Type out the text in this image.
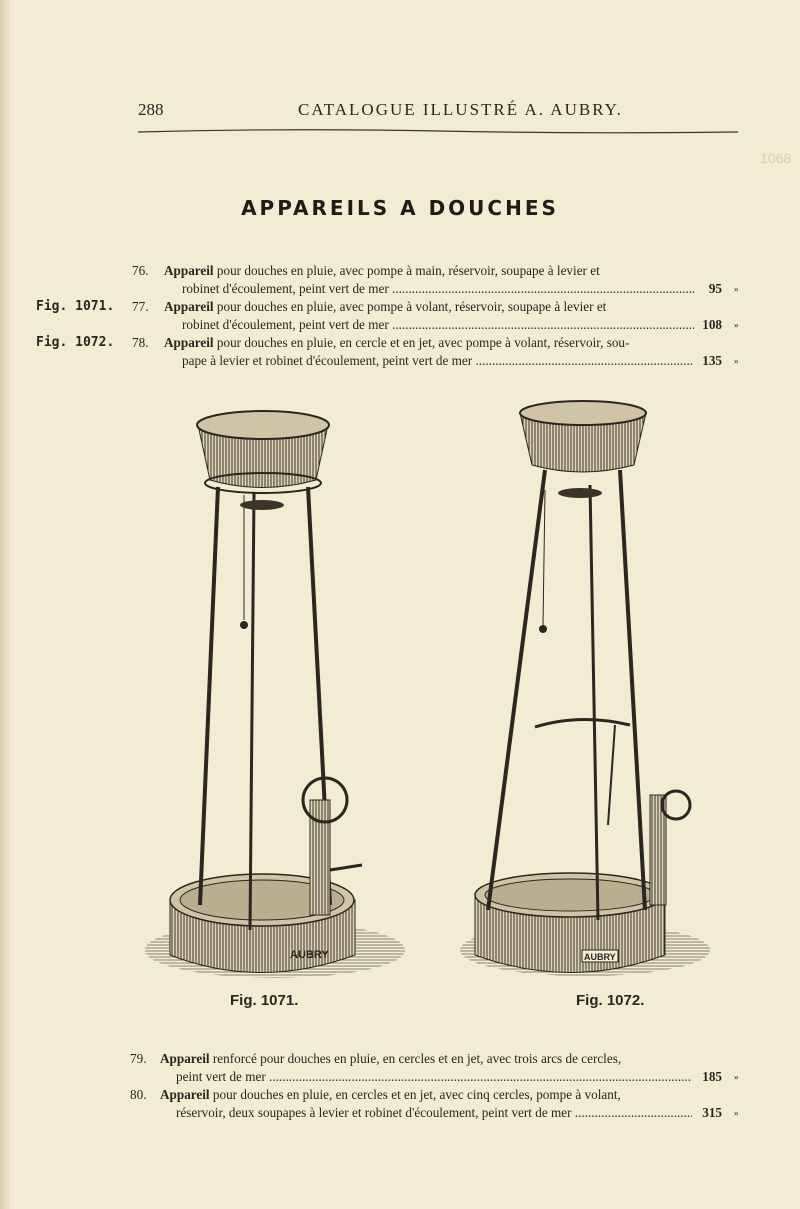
1068
288	CATALOGUE ILLUSTRÉ A. AUBRY.
APPAREILS A DOUCHES
76. Appareil pour douches en pluie, avec pompe à main, réservoir, soupape à levier et
robinet d'écoulement, peint vert de mer .....	95 »
Fig. 1071. 77. Appareil pour douches en pluie, avec pompe à volant, réservoir, soupape à levier et
robinet d'écoulement, peint vert de mer .....	108 »
Fig. 1072. 78. Appareil pour douches en pluie, en cercle et en jet, avec pompe à volant, réservoir, sou-
pape à levier et robinet d'écoulement, peint vert de mer .....	135 »
AUBRY	AUBRY
Fig. 1071.	Fig. 1072.
79. Appareil renforcé pour douches en pluie, en cercles et en jet, avec trois arcs de cercles,
peint vert de mer .....	185 »
80. Appareil pour douches en pluie, en cercles et en jet, avec cinq cercles, pompe à volant,
réservoir, deux soupapes à levier et robinet d'écoulement, peint vert de mer .....	315 »
